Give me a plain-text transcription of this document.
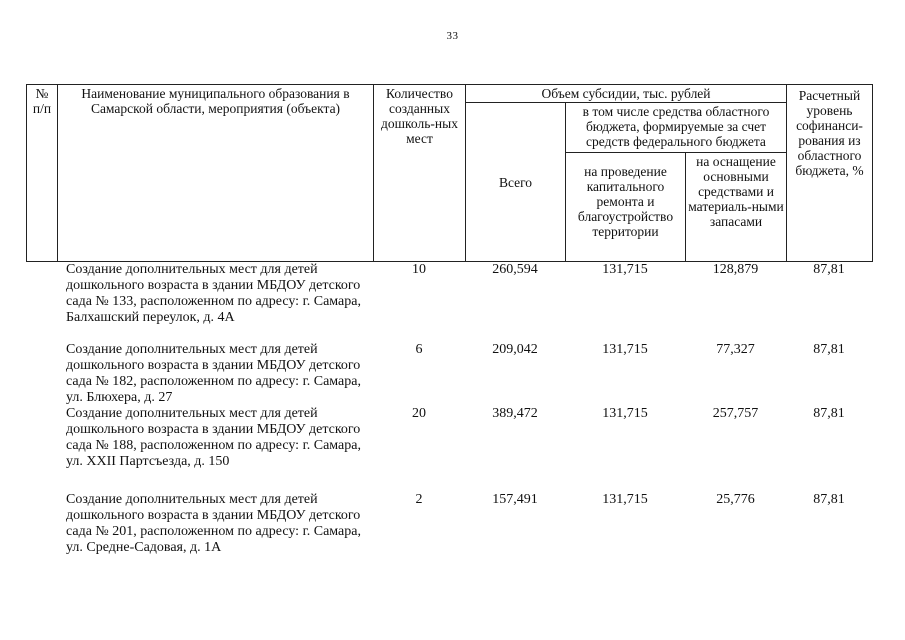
33
№ п/п	Наименование муниципального образования в Самарской области, мероприятия (объекта)	Количество созданных дошколь-ных мест	Объем субсидии, тыс. рублей			Расчетный уровень софинанси-рования из областного бюджета, %
			Всего	в том числе средства областного бюджета, формируемые за счет средств федерального бюджета		
				на проведение капитального ремонта и благоустройство территории	на оснащение основными средствами и материаль-ными запасами	
	Создание дополнительных мест для детей дошкольного возраста в здании МБДОУ детского сада № 133, расположенном по адресу: г. Самара, Балхашский переулок, д. 4А	10	260,594	131,715	128,879	87,81
	Создание дополнительных мест для детей дошкольного возраста в здании МБДОУ детского сада № 182, расположенном по адресу: г. Самара, ул. Блюхера, д. 27	6	209,042	131,715	77,327	87,81
	Создание дополнительных мест для детей дошкольного возраста в здании МБДОУ детского сада № 188, расположенном по адресу: г. Самара, ул. XXII Партсъезда, д. 150	20	389,472	131,715	257,757	87,81
	Создание дополнительных мест для детей дошкольного возраста в здании МБДОУ детского сада № 201, расположенном по адресу: г. Самара, ул. Средне-Садовая, д. 1А	2	157,491	131,715	25,776	87,81
